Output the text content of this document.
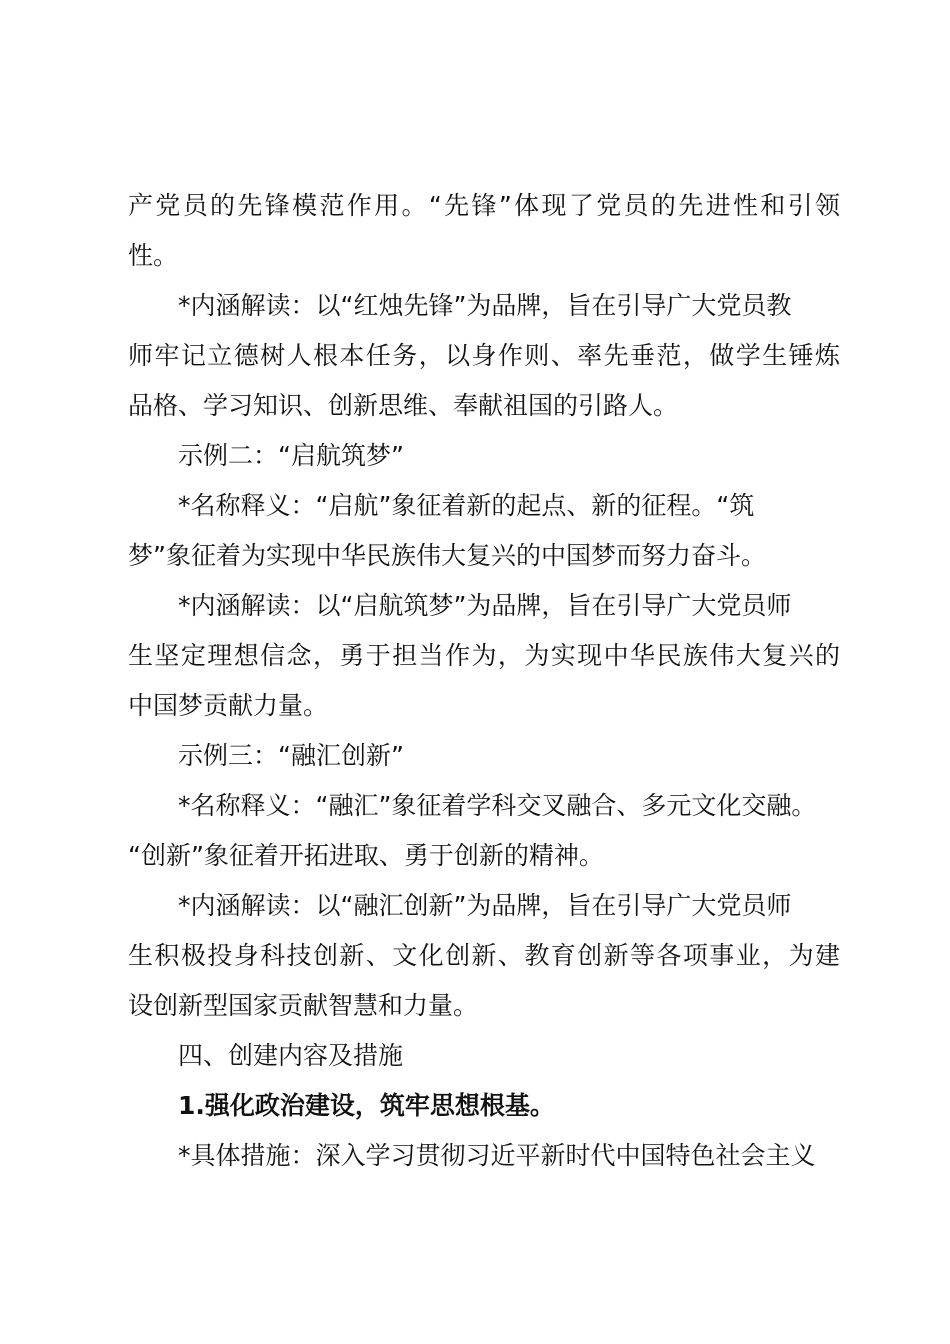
产党员的先锋模范作用。“先锋”体现了党员的先进性和引领
性。
*内涵解读：以“红烛先锋”为品牌，旨在引导广大党员教
师牢记立德树人根本任务，以身作则、率先垂范，做学生锤炼
品格、学习知识、创新思维、奉献祖国的引路人。
示例二：“启航筑梦”
*名称释义：“启航”象征着新的起点、新的征程。“筑
梦”象征着为实现中华民族伟大复兴的中国梦而努力奋斗。
*内涵解读：以“启航筑梦”为品牌，旨在引导广大党员师
生坚定理想信念，勇于担当作为，为实现中华民族伟大复兴的
中国梦贡献力量。
示例三：“融汇创新”
*名称释义：“融汇”象征着学科交叉融合、多元文化交融。
“创新”象征着开拓进取、勇于创新的精神。
*内涵解读：以“融汇创新”为品牌，旨在引导广大党员师
生积极投身科技创新、文化创新、教育创新等各项事业，为建
设创新型国家贡献智慧和力量。
四、创建内容及措施
1.强化政治建设，筑牢思想根基。
*具体措施：深入学习贯彻习近平新时代中国特色社会主义
